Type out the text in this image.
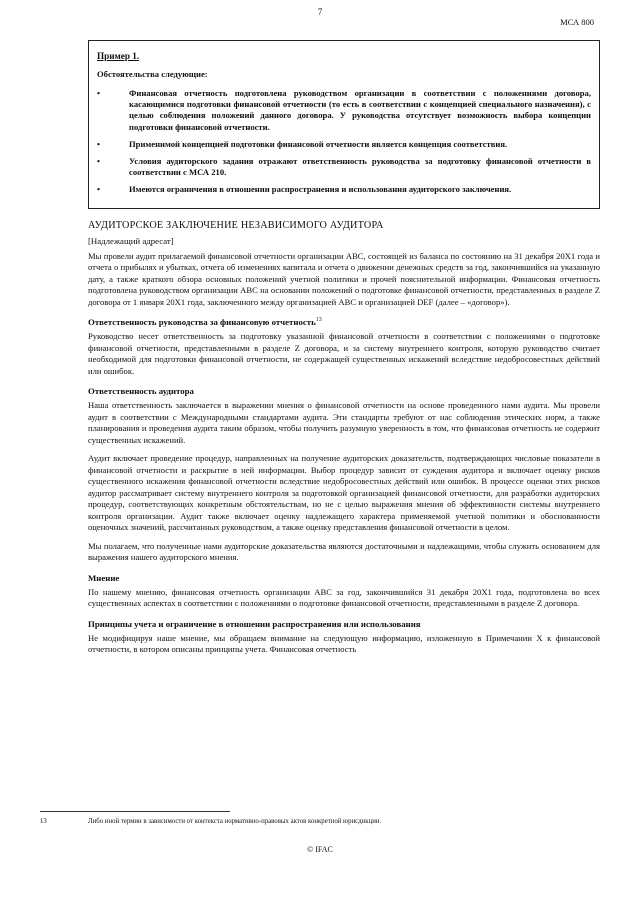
7
МСА 800
Пример 1.
Обстоятельства следующие:
•	Финансовая отчетность подготовлена руководством организации в соответствии с положениями договора, касающимися подготовки финансовой отчетности (то есть в соответствии с концепцией специального назначения), с целью соблюдения положений данного договора. У руководства отсутствует возможность выбора концепции подготовки финансовой отчетности.
•	Применимой концепцией подготовки финансовой отчетности является концепция соответствия.
•	Условия аудиторского задания отражают ответственность руководства за подготовку финансовой отчетности в соответствии с МСА 210.
•	Имеются ограничения в отношении распространения и использования аудиторского заключения.
АУДИТОРСКОЕ ЗАКЛЮЧЕНИЕ НЕЗАВИСИМОГО АУДИТОРА
[Надлежащий адресат]

Мы провели аудит прилагаемой финансовой отчетности организации АВС, состоящей из баланса по состоянию на 31 декабря 20Х1 года и отчета о прибылях и убытках, отчета об изменениях капитала и отчета о движении денежных средств за год, закончившийся на указанную дату, а также краткого обзора основных положений учетной политики и прочей пояснительной информации. Финансовая отчетность подготовлена руководством организации АВС на основании положений о подготовке финансовой отчетности, представленных в разделе Z договора от 1 января 20Х1 года, заключенного между организацией АВС и организацией DEF (далее – «договор»).

Ответственность руководства за финансовую отчетность$^{13}$

Руководство несет ответственность за подготовку указанной финансовой отчетности в соответствии с положениями о подготовке финансовой отчетности, представленными в разделе Z договора, и за систему внутреннего контроля, которую руководство считает необходимой для подготовки финансовой отчетности, не содержащей существенных искажений вследствие недобросовестных действий или ошибок.

Ответственность аудитора

Наша ответственность заключается в выражении мнения о финансовой отчетности на основе проведенного нами аудита. Мы провели аудит в соответствии с Международными стандартами аудита. Эти стандарты требуют от нас соблюдения этических норм, а также планирования и проведения аудита таким образом, чтобы получить разумную уверенность в том, что финансовая отчетность не содержит существенных искажений.

Аудит включает проведение процедур, направленных на получение аудиторских доказательств, подтверждающих числовые показатели в финансовой отчетности и раскрытие в ней информации. Выбор процедур зависит от суждения аудитора и включает оценку рисков существенного искажения финансовой отчетности вследствие недобросовестных действий или ошибок. В процессе оценки этих рисков аудитор рассматривает систему внутреннего контроля за подготовкой организацией финансовой отчетности, для разработки аудиторских процедур, соответствующих конкретным обстоятельствам, но не с целью выражения мнения об эффективности системы внутреннего контроля организации. Аудит также включает оценку надлежащего характера применяемой учетной политики и обоснованности оценочных значений, рассчитанных руководством, а также оценку представления финансовой отчетности в целом.

Мы полагаем, что полученные нами аудиторские доказательства являются достаточными и надлежащими, чтобы служить основанием для выражения нашего аудиторского мнения.

Мнение

По нашему мнению, финансовая отчетность организации АВС за год, закончившийся 31 декабря 20Х1 года, подготовлена во всех существенных аспектах в соответствии с положениями о подготовке финансовой отчетности, представленными в разделе Z договора.

Принципы учета и ограничение в отношении распространения или использования

Не модифицируя наше мнение, мы обращаем внимание на следующую информацию, изложенную в Примечании Х к финансовой отчетности, в котором описаны принципы учета. Финансовая отчетность

13	Либо иной термин в зависимости от контекста нормативно-правовых актов конкретной юрисдикции.
© IFAC
